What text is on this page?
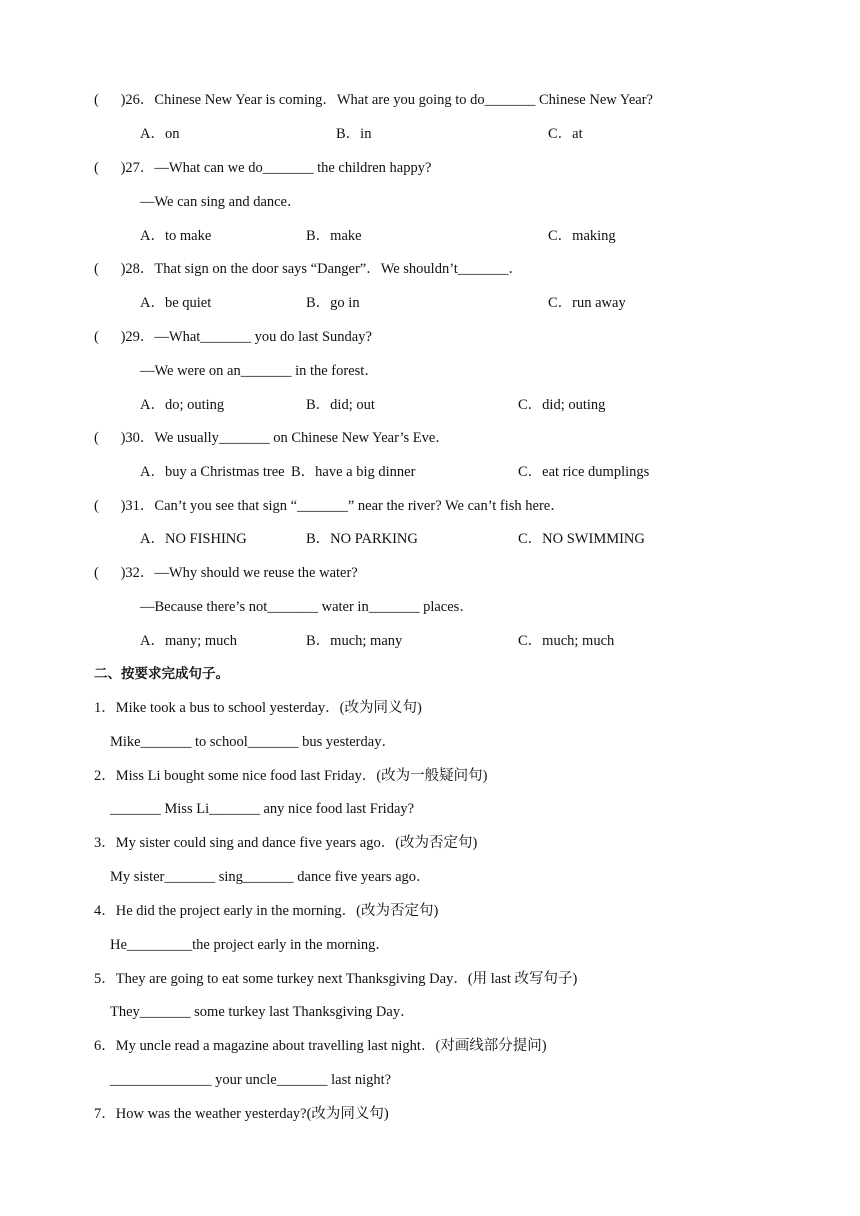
(      )26．Chinese New Year is coming．What are you going to do_______ Chinese New Year?
A．on	B．in	C．at
(      )27．—What can we do_______ the children happy?
—We can sing and dance．
A．to make	B．make	C．making
(      )28．That sign on the door says “Danger”．We shouldn’t_______．
A．be quiet	B．go in	C．run away
(      )29．—What_______ you do last Sunday?
—We were on an_______ in the forest．
A．do; outing	B．did; out	C．did; outing
(      )30．We usually_______ on Chinese New Year’s Eve．
A．buy a Christmas tree B．have a big dinner	C．eat rice dumplings
(      )31．Can’t you see that sign “_______” near the river? We can’t fish here．
A．NO FISHING	B．NO PARKING	C．NO SWIMMING
(      )32．—Why should we reuse the water?
—Because there’s not_______ water in_______ places．
A．many; much	B．much; many	C．much; much
二、按要求完成句子。
1．Mike took a bus to school yesterday．(改为同义句)
Mike_______ to school_______ bus yesterday．
2．Miss Li bought some nice food last Friday．(改为一般疑问句)
_______ Miss Li_______ any nice food last Friday?
3．My sister could sing and dance five years ago．(改为否定句)
My sister_______ sing_______ dance five years ago．
4．He did the project early in the morning．(改为否定句)
He_________the project early in the morning．
5．They are going to eat some turkey next Thanksgiving Day．(用 last 改写句子)
They_______ some turkey last Thanksgiving Day．
6．My uncle read a magazine about travelling last night．(对画线部分提问)
______________ your uncle_______ last night?
7．How was the weather yesterday?(改为同义句)
